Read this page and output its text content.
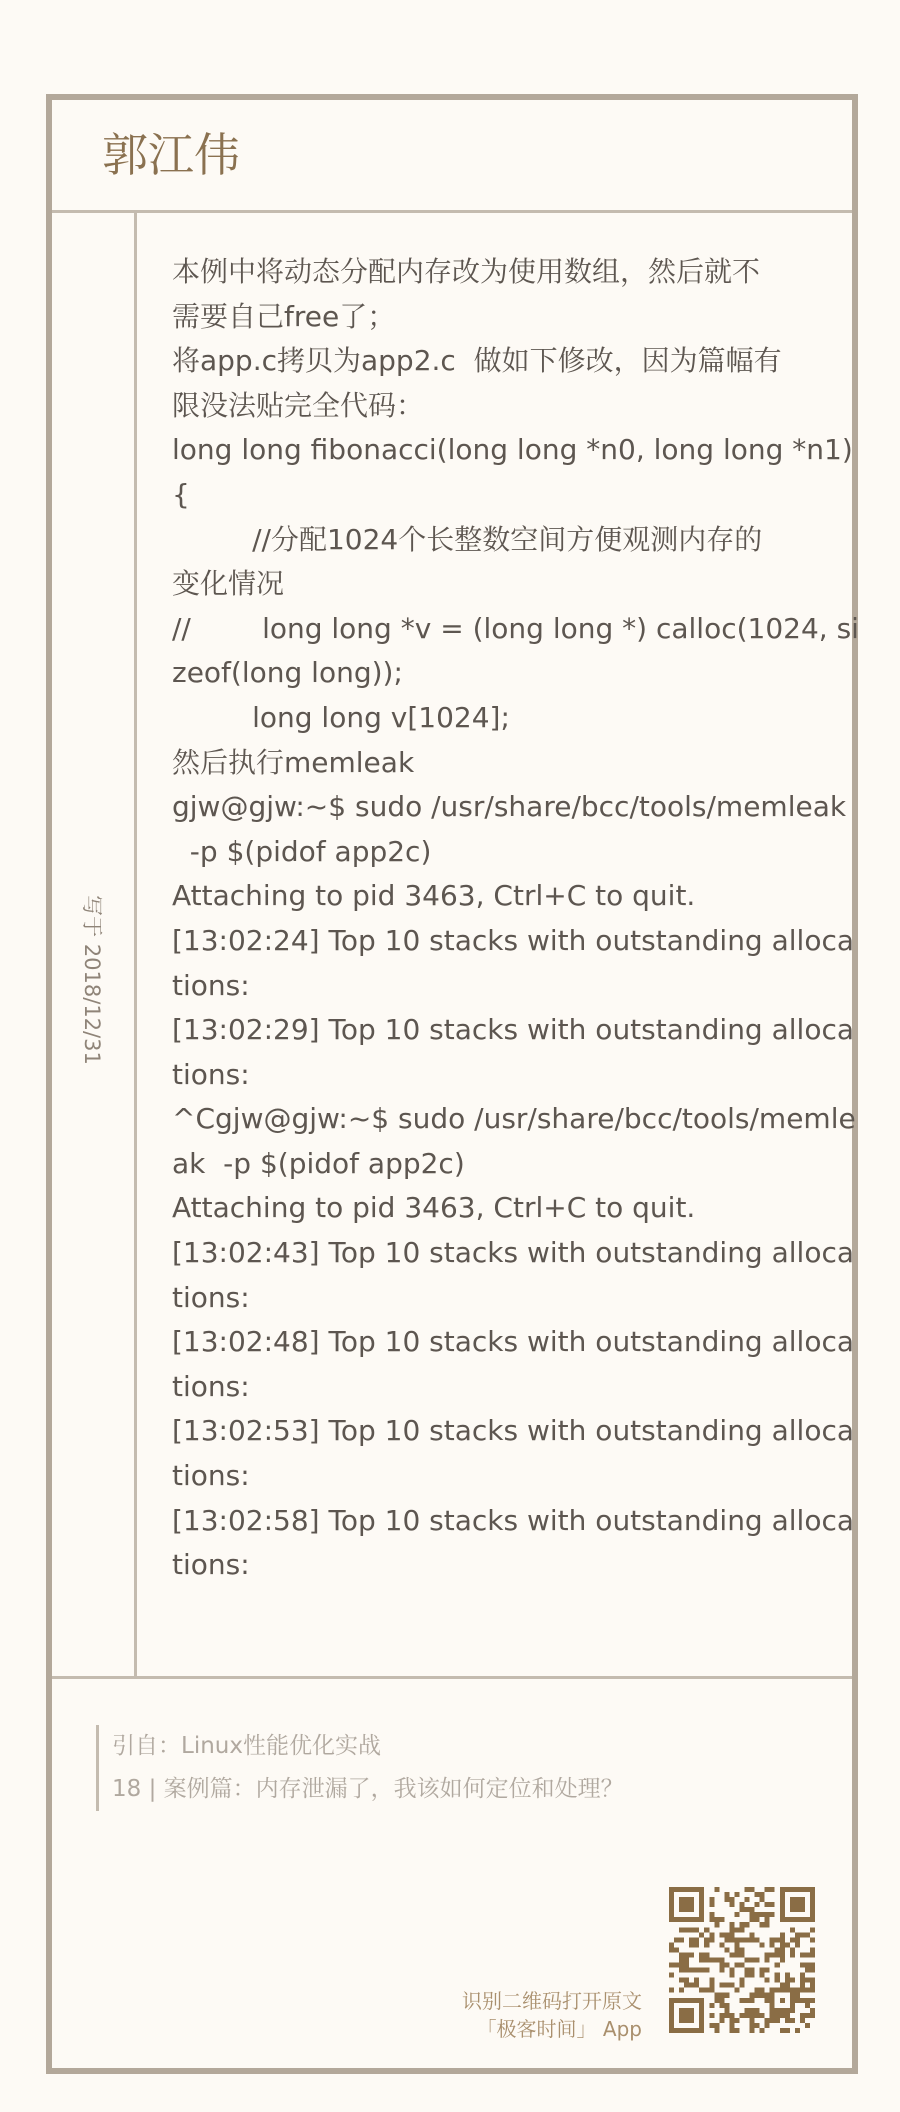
郭江伟
写于 2018/12/31
本例中将动态分配内存改为使用数组，然后就不
需要自己free了；
将app.c拷贝为app2.c  做如下修改，因为篇幅有
限没法贴完全代码：
long long fibonacci(long long *n0, long long *n1)
{
//分配1024个长整数空间方便观测内存的
变化情况
//        long long *v = (long long *) calloc(1024, si
zeof(long long));
long long v[1024];
然后执行memleak
gjw@gjw:~$ sudo /usr/share/bcc/tools/memleak
-p $(pidof app2c)
Attaching to pid 3463, Ctrl+C to quit.
[13:02:24] Top 10 stacks with outstanding alloca
tions:
[13:02:29] Top 10 stacks with outstanding alloca
tions:
^Cgjw@gjw:~$ sudo /usr/share/bcc/tools/memle
ak  -p $(pidof app2c)
Attaching to pid 3463, Ctrl+C to quit.
[13:02:43] Top 10 stacks with outstanding alloca
tions:
[13:02:48] Top 10 stacks with outstanding alloca
tions:
[13:02:53] Top 10 stacks with outstanding alloca
tions:
[13:02:58] Top 10 stacks with outstanding alloca
tions:
引自：Linux性能优化实战
18 | 案例篇：内存泄漏了，我该如何定位和处理？
识别二维码打开原文
「极客时间」 App
